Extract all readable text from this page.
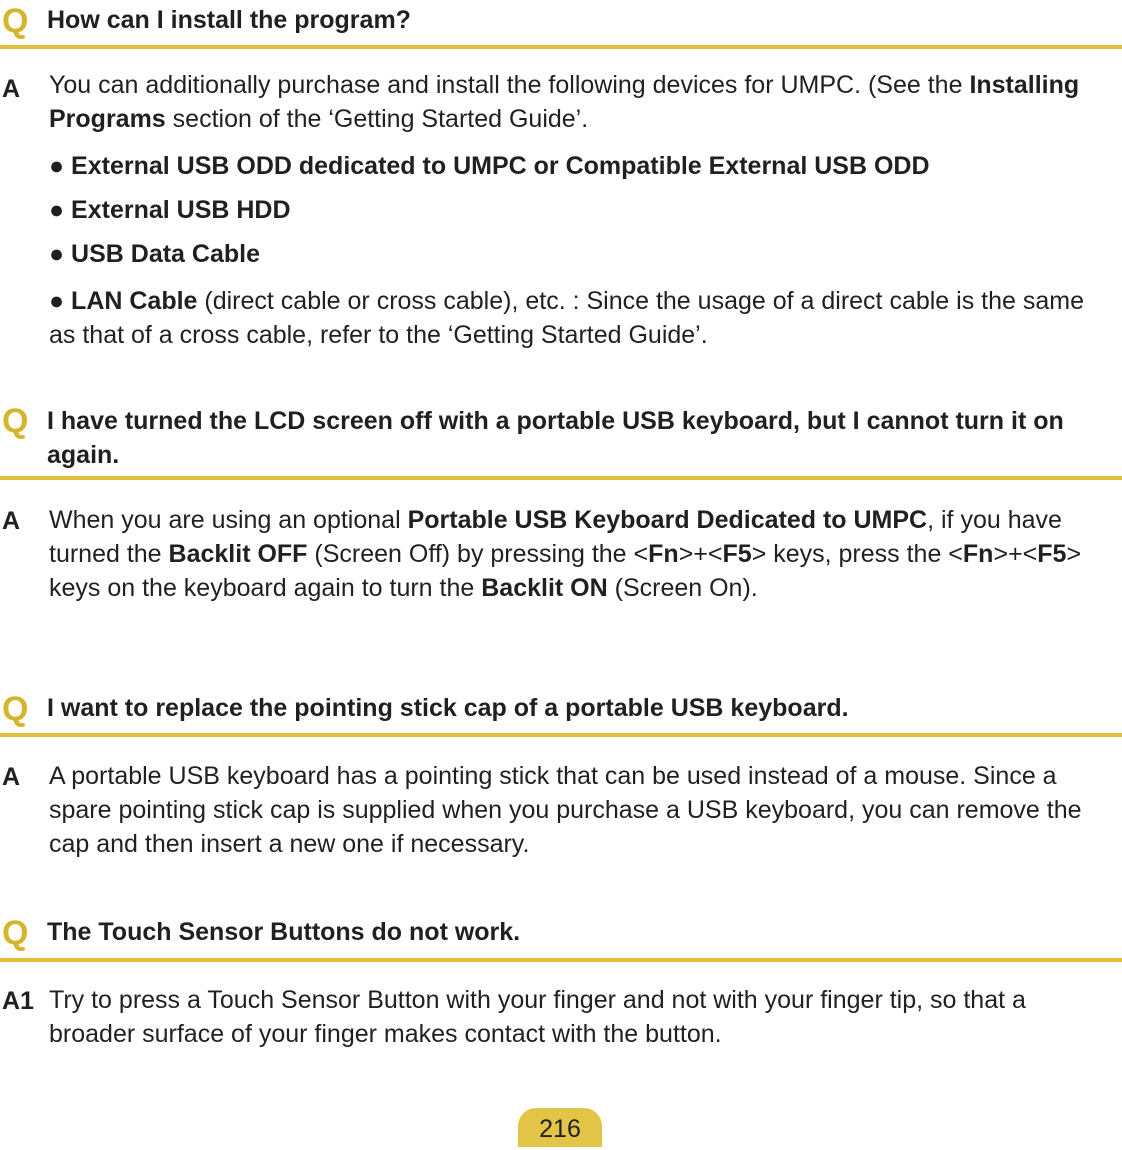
Q How can I install the program?
A You can additionally purchase and install the following devices for UMPC. (See the Installing Programs section of the ‘Getting Started Guide’.
● External USB ODD dedicated to UMPC or Compatible External USB ODD
● External USB HDD
● USB Data Cable
● LAN Cable (direct cable or cross cable), etc. : Since the usage of a direct cable is the same as that of a cross cable, refer to the ‘Getting Started Guide’.
Q I have turned the LCD screen off with a portable USB keyboard, but I cannot turn it on again.
A When you are using an optional Portable USB Keyboard Dedicated to UMPC, if you have turned the Backlit OFF (Screen Off) by pressing the <Fn>+<F5> keys, press the <Fn>+<F5> keys on the keyboard again to turn the Backlit ON (Screen On).
Q I want to replace the pointing stick cap of a portable USB keyboard.
A A portable USB keyboard has a pointing stick that can be used instead of a mouse. Since a spare pointing stick cap is supplied when you purchase a USB keyboard, you can remove the cap and then insert a new one if necessary.
Q The Touch Sensor Buttons do not work.
A1 Try to press a Touch Sensor Button with your finger and not with your finger tip, so that a broader surface of your finger makes contact with the button.
216
